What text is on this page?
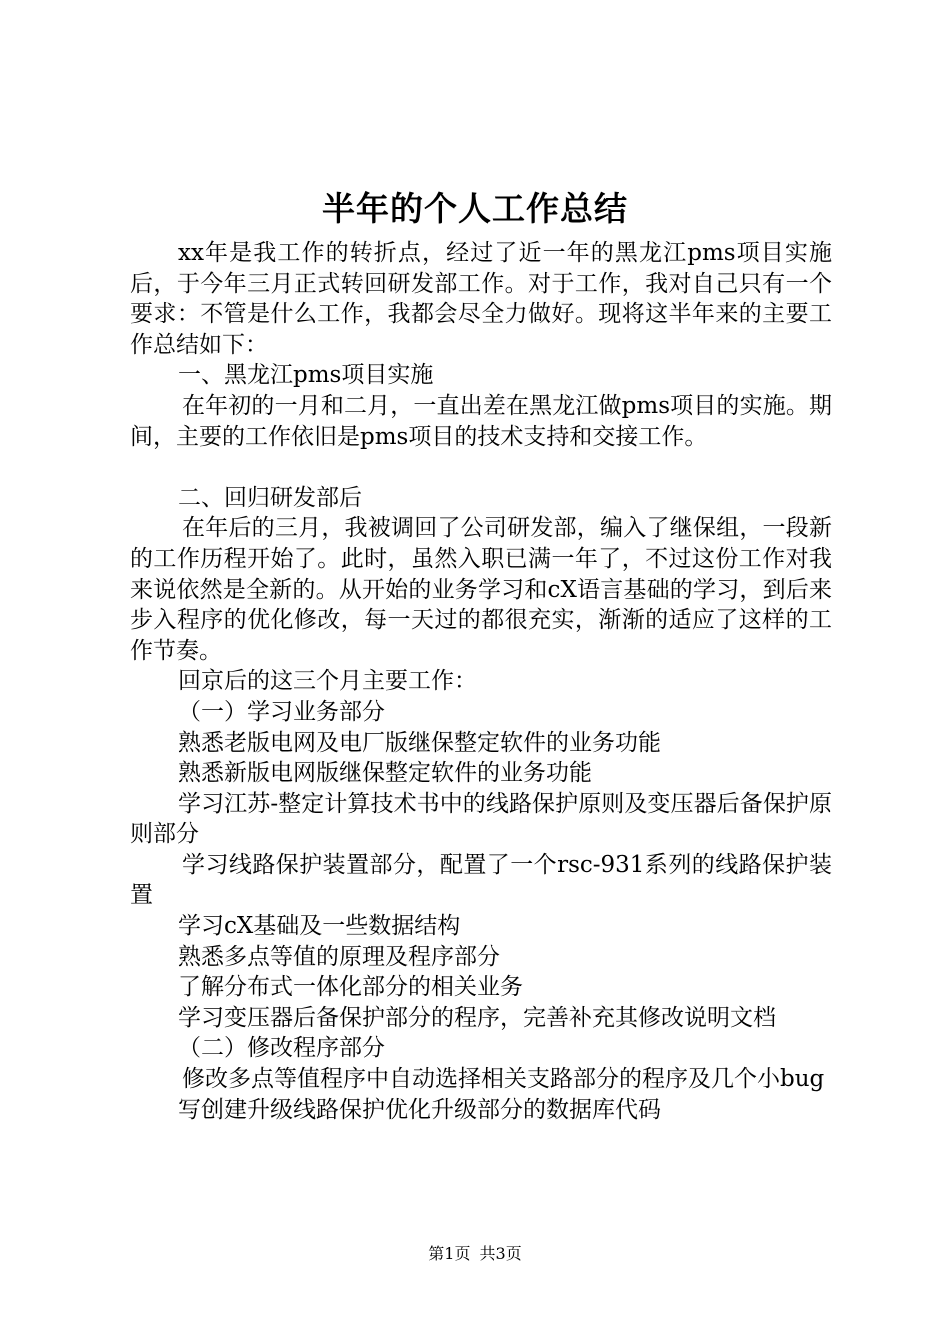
半年的个人工作总结

xx年是我工作的转折点，经过了近一年的黑龙江pms项目实施后，于今年三月正式转回研发部工作。对于工作，我对自己只有一个要求：不管是什么工作，我都会尽全力做好。现将这半年来的主要工作总结如下：

一、黑龙江pms项目实施

在年初的一月和二月，一直出差在黑龙江做pms项目的实施。期间，主要的工作依旧是pms项目的技术支持和交接工作。

二、回归研发部后

在年后的三月，我被调回了公司研发部，编入了继保组，一段新的工作历程开始了。此时，虽然入职已满一年了，不过这份工作对我来说依然是全新的。从开始的业务学习和cX语言基础的学习，到后来步入程序的优化修改，每一天过的都很充实，渐渐的适应了这样的工作节奏。

回京后的这三个月主要工作：

（一）学习业务部分

熟悉老版电网及电厂版继保整定软件的业务功能

熟悉新版电网版继保整定软件的业务功能

学习江苏-整定计算技术书中的线路保护原则及变压器后备保护原则部分

学习线路保护装置部分，配置了一个rsc-931系列的线路保护装置

学习cX基础及一些数据结构

熟悉多点等值的原理及程序部分

了解分布式一体化部分的相关业务

学习变压器后备保护部分的程序，完善补充其修改说明文档

（二）修改程序部分

修改多点等值程序中自动选择相关支路部分的程序及几个小bug

写创建升级线路保护优化升级部分的数据库代码

第1页 共3页
